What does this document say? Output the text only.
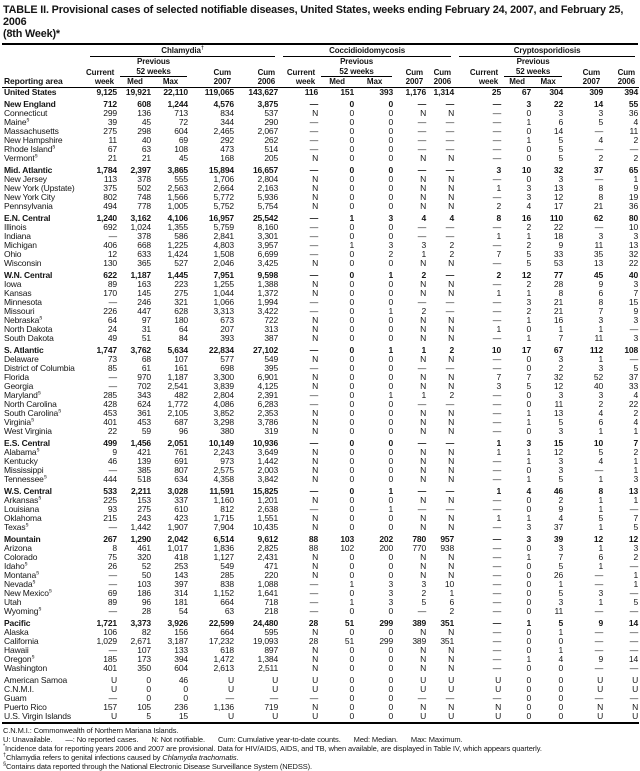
TABLE II. Provisional cases of selected notifiable diseases, United States, weeks ending February 24, 2007, and February 25, 2006
(8th Week)*
Reporting area	Chlamydia†					Coccidioidomycosis					Cryptosporidiosis				

		Previous					Previous					Previous			
	Current	52 weeks		Cum	Cum	Current	52 weeks		Cum	Cum	Current	52 weeks		Cum	Cum
	week	Med	Max	2007	2006	week	Med	Max	2007	2006	week	Med	Max	2007	2006
United States	9,125	19,921	22,110	119,065	143,627	116	151	393	1,176	1,314	25	67	304	309	394
New England	712	608	1,244	4,576	3,875	—	0	0	—	—	—	3	22	14	55
Connecticut	299	136	713	834	537	N	0	0	N	N	—	0	3	3	36
Maine§	39	45	72	344	290	—	0	0	—	—	—	1	6	5	4
Massachusetts	275	298	604	2,465	2,067	—	0	0	—	—	—	0	14	—	11
New Hampshire	11	40	69	292	262	—	0	0	—	—	—	1	5	4	2
Rhode Island§	67	63	108	473	514	—	0	0	—	—	—	0	5	—	—
Vermont§	21	21	45	168	205	N	0	0	N	N	—	0	5	2	2
Mid. Atlantic	1,784	2,397	3,865	15,894	16,657	—	0	0	—	—	3	10	32	37	65
New Jersey	113	378	555	1,706	2,804	N	0	0	N	N	—	0	3	—	1
New York (Upstate)	375	502	2,563	2,664	2,163	N	0	0	N	N	1	3	13	8	9
New York City	802	748	1,566	5,772	5,936	N	0	0	N	N	—	3	12	8	19
Pennsylvania	494	778	1,005	5,752	5,754	N	0	0	N	N	2	4	17	21	36
E.N. Central	1,240	3,162	4,106	16,957	25,542	—	1	3	4	4	8	16	110	62	80
Illinois	692	1,024	1,355	5,759	8,160	—	0	0	—	—	—	2	22	—	10
Indiana	—	378	586	2,841	3,301	—	0	0	—	—	1	1	18	3	3
Michigan	406	668	1,225	4,803	3,957	—	1	3	3	2	—	2	9	11	13
Ohio	12	633	1,424	1,508	6,699	—	0	2	1	2	7	5	33	35	32
Wisconsin	130	365	527	2,046	3,425	N	0	0	N	N	—	5	53	13	22
W.N. Central	622	1,187	1,445	7,951	9,598	—	0	1	2	—	2	12	77	45	40
Iowa	89	163	223	1,255	1,388	N	0	0	N	N	—	2	28	9	3
Kansas	170	145	275	1,044	1,372	N	0	0	N	N	1	1	8	6	7
Minnesota	—	246	321	1,066	1,994	—	0	0	—	—	—	3	21	8	15
Missouri	226	447	628	3,313	3,422	—	0	1	2	—	—	2	21	7	9
Nebraska§	64	97	180	673	722	N	0	0	N	N	—	1	16	3	3
North Dakota	24	31	64	207	313	N	0	0	N	N	1	0	1	1	—
South Dakota	49	51	84	393	387	N	0	0	N	N	—	1	7	11	3
S. Atlantic	1,747	3,762	5,634	22,834	27,102	—	0	1	1	2	10	17	67	112	108
Delaware	73	68	107	577	549	N	0	0	N	N	—	0	3	1	—
District of Columbia	85	61	161	698	395	—	0	0	—	—	—	0	2	3	5
Florida	—	970	1,187	3,300	6,901	N	0	0	N	N	7	7	32	52	37
Georgia	—	702	2,541	3,839	4,125	N	0	0	N	N	3	5	12	40	33
Maryland§	285	343	482	2,804	2,391	—	0	1	1	2	—	0	3	3	4
North Carolina	428	624	1,772	4,086	6,283	—	0	0	—	—	—	0	11	2	22
South Carolina§	453	361	2,105	3,852	2,353	N	0	0	N	N	—	1	13	4	2
Virginia§	401	453	687	3,298	3,786	N	0	0	N	N	—	1	5	6	4
West Virginia	22	59	96	380	319	N	0	0	N	N	—	0	3	1	1
E.S. Central	499	1,456	2,051	10,149	10,936	—	0	0	—	—	1	3	15	10	7
Alabama§	9	421	761	2,243	3,649	N	0	0	N	N	1	1	12	5	2
Kentucky	46	139	691	973	1,442	N	0	0	N	N	—	1	3	4	1
Mississippi	—	385	807	2,575	2,003	N	0	0	N	N	—	0	3	—	1
Tennessee§	444	518	634	4,358	3,842	N	0	0	N	N	—	1	5	1	3
W.S. Central	533	2,211	3,028	11,591	15,825	—	0	1	—	—	1	4	46	8	13
Arkansas§	225	153	337	1,160	1,201	N	0	0	N	N	—	0	2	1	1
Louisiana	93	275	610	812	2,638	—	0	1	—	—	—	0	9	1	—
Oklahoma	215	243	423	1,715	1,551	N	0	0	N	N	1	1	4	5	7
Texas§	—	1,442	1,907	7,904	10,435	N	0	0	N	N	—	3	37	1	5
Mountain	267	1,290	2,042	6,514	9,612	88	103	202	780	957	—	3	39	12	12
Arizona	8	461	1,017	1,836	2,825	88	102	200	770	938	—	0	3	1	3
Colorado	75	320	418	1,127	2,431	N	0	0	N	N	—	1	7	6	2
Idaho§	26	52	253	549	471	N	0	0	N	N	—	0	5	1	—
Montana§	—	50	143	285	220	N	0	0	N	N	—	0	26	—	1
Nevada§	—	103	397	838	1,088	—	1	3	3	10	—	0	1	—	1
New Mexico§	69	186	314	1,152	1,641	—	0	3	2	1	—	0	5	3	—
Utah	89	96	181	664	718	—	1	3	5	6	—	0	3	1	5
Wyoming§	—	28	54	63	218	—	0	0	—	2	—	0	11	—	—
Pacific	1,721	3,373	3,926	22,599	24,480	28	51	299	389	351	—	1	5	9	14
Alaska	106	82	156	664	595	N	0	0	N	N	—	0	1	—	—
California	1,029	2,671	3,187	17,232	19,093	28	51	299	389	351	—	0	0	—	—
Hawaii	—	107	133	618	897	N	0	0	N	N	—	0	1	—	—
Oregon§	185	173	394	1,472	1,384	N	0	0	N	N	—	1	4	9	14
Washington	401	350	604	2,613	2,511	N	0	0	N	N	—	0	0	—	—
American Samoa	U	0	46	U	U	U	0	0	U	U	U	0	0	U	U
C.N.M.I.	U	0	0	U	U	U	0	0	U	U	U	0	0	U	U
Guam	—	0	0	—	—	—	0	0	—	—	—	0	0	—	—
Puerto Rico	157	105	236	1,136	719	N	0	0	N	N	N	0	0	N	N
U.S. Virgin Islands	U	5	15	U	U	U	0	0	U	U	U	0	0	U	U
C.N.M.I.: Commonwealth of Northern Mariana Islands.
U: Unavailable. —: No reported cases. N: Not notifiable. Cum: Cumulative year-to-date counts. Med: Median. Max: Maximum.
*Incidence data for reporting years 2006 and 2007 are provisional. Data for HIV/AIDS, AIDS, and TB, when available, are displayed in Table IV, which appears quarterly.
†Chlamydia refers to genital infections caused by Chlamydia trachomatis.
§Contains data reported through the National Electronic Disease Surveillance System (NEDSS).
